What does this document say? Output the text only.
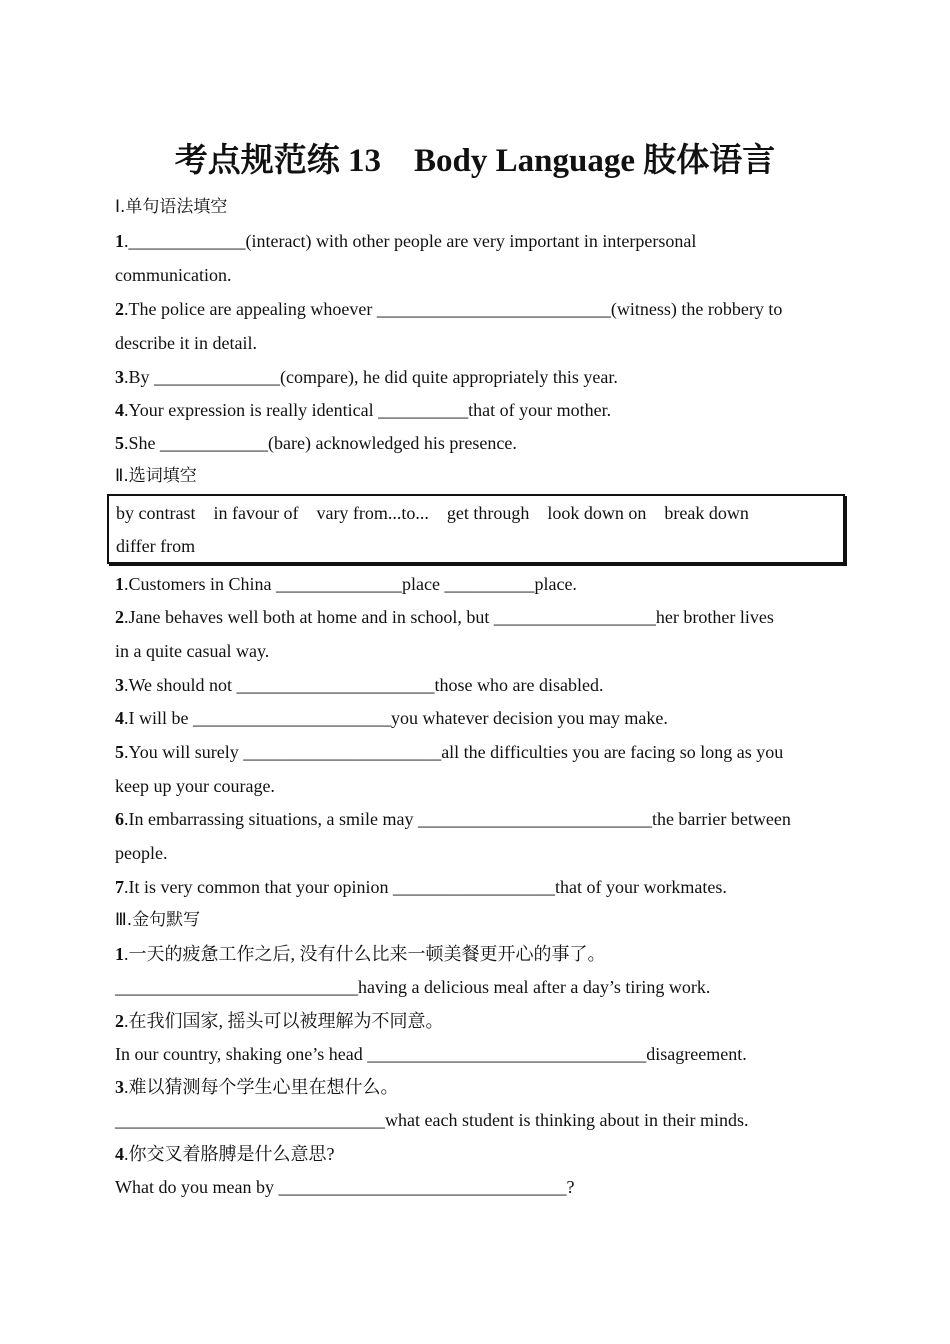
考点规范练 13　Body Language 肢体语言
Ⅰ.单句语法填空
1._____________(interact) with other people are very important in interpersonal
communication.
2.The police are appealing whoever __________________________(witness) the robbery to
describe it in detail.
3.By ______________(compare), he did quite appropriately this year.
4.Your expression is really identical __________that of your mother.
5.She ____________(bare) acknowledged his presence.
Ⅱ.选词填空
by contrast    in favour of    vary from...to...    get through    look down on    break down
differ from
1.Customers in China ______________place __________place.
2.Jane behaves well both at home and in school, but __________________her brother lives
in a quite casual way.
3.We should not ______________________those who are disabled.
4.I will be ______________________you whatever decision you may make.
5.You will surely ______________________all the difficulties you are facing so long as you
keep up your courage.
6.In embarrassing situations, a smile may __________________________the barrier between
people.
7.It is very common that your opinion __________________that of your workmates.
Ⅲ.金句默写
1.一天的疲惫工作之后, 没有什么比来一顿美餐更开心的事了。
___________________________having a delicious meal after a day’s tiring work.
2.在我们国家, 摇头可以被理解为不同意。
In our country, shaking one’s head _______________________________disagreement.
3.难以猜测每个学生心里在想什么。
______________________________what each student is thinking about in their minds.
4.你交叉着胳膊是什么意思?
What do you mean by ________________________________?
